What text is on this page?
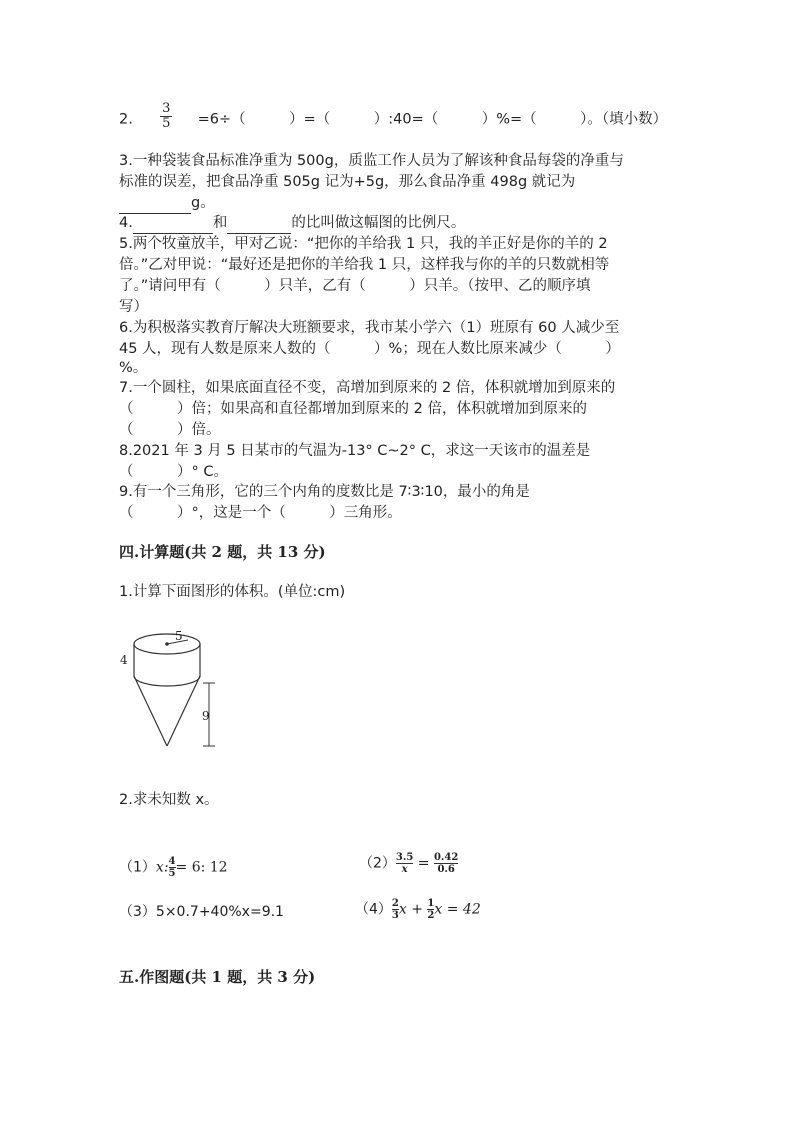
2. $\frac{3}{5} =6\div$（　　　）=（　　　）:40=（　　　）%=（　　　）。（填小数）
3.一种袋装食品标准净重为 500g，质监工作人员为了解该种食品每袋的净重与
标准的误差，把食品净重 505g 记为+5g，那么食品净重 498g 就记为
g。
4.	和	的比叫做这幅图的比例尺。
5.两个牧童放羊，甲对乙说：“把你的羊给我 1 只，我的羊正好是你的羊的 2
倍。”乙对甲说：“最好还是把你的羊给我 1 只，这样我与你的羊的只数就相等
了。”请问甲有（　　　）只羊，乙有（　　　）只羊。（按甲、乙的顺序填
写）
6.为积极落实教育厅解决大班额要求，我市某小学六（1）班原有 60 人减少至
45 人，现有人数是原来人数的（　　　）%；现在人数比原来减少（　　　）
%。
7.一个圆柱，如果底面直径不变，高增加到原来的 2 倍，体积就增加到原来的
（　　　）倍；如果高和直径都增加到原来的 2 倍，体积就增加到原来的
（　　　）倍。
8.2021 年 3 月 5 日某市的气温为-13° C~2° C，求这一天该市的温差是
（　　　）° C。
9.有一个三角形，它的三个内角的度数比是 7∶3∶10，最小的角是
（　　　）°，这是一个（　　　）三角形。
四.计算题(共 2 题，共 13 分)
1.计算下面图形的体积。(单位:cm)
5
4
9
2.求未知数 x。
（1）x: $\frac{4}{5} = 6$: 12	$(2) \frac{3.5}{x} = \frac{0.42}{0.6}$
（3）5×0.7+40%x=9.1	$(4) \frac{2}{3}$ $x + \frac{1}{2}$ x = 42
五.作图题(共 1 题，共 3 分)
